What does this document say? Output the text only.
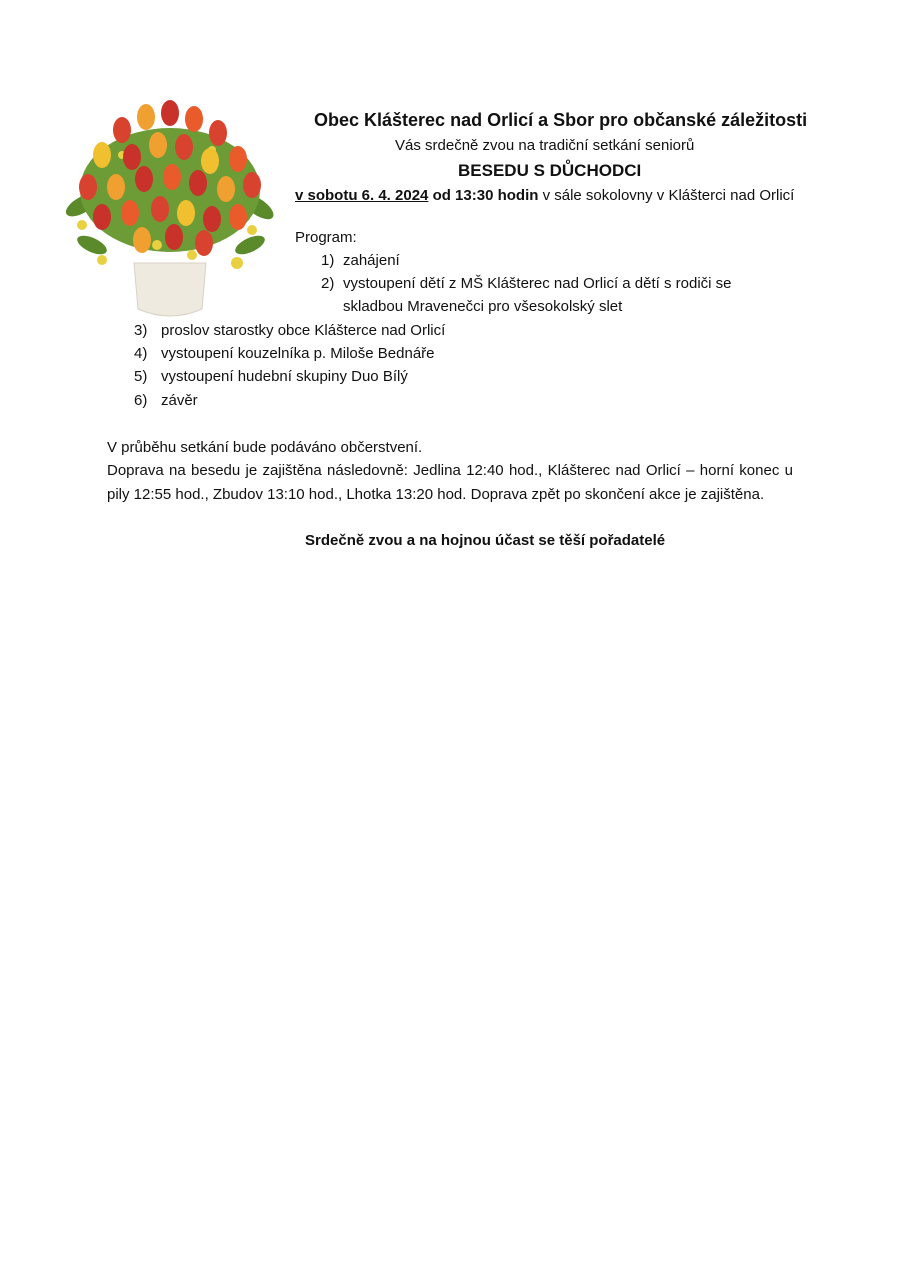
Obec Klášterec nad Orlicí a Sbor pro občanské záležitosti
Vás srdečně zvou na tradiční setkání seniorů
BESEDU S DŮCHODCI
v sobotu 6. 4. 2024 od 13:30 hodin v sále sokolovny v Klášterci nad Orlicí
Program:
1) zahájení
2) vystoupení dětí z MŠ Klášterec nad Orlicí a dětí s rodiči se
skladbou Mravenečci pro všesokolský slet
3) proslov starostky obce Klášterce nad Orlicí
4) vystoupení kouzelníka p. Miloše Bednáře
5) vystoupení hudební skupiny Duo Bílý
6) závěr
V průběhu setkání bude podáváno občerstvení.
Doprava na besedu je zajištěna následovně: Jedlina 12:40 hod., Klášterec nad Orlicí – horní konec u pily 12:55 hod., Zbudov 13:10 hod., Lhotka 13:20 hod. Doprava zpět po skončení akce je zajištěna.
Srdečně zvou a na hojnou účast se těší pořadatelé
